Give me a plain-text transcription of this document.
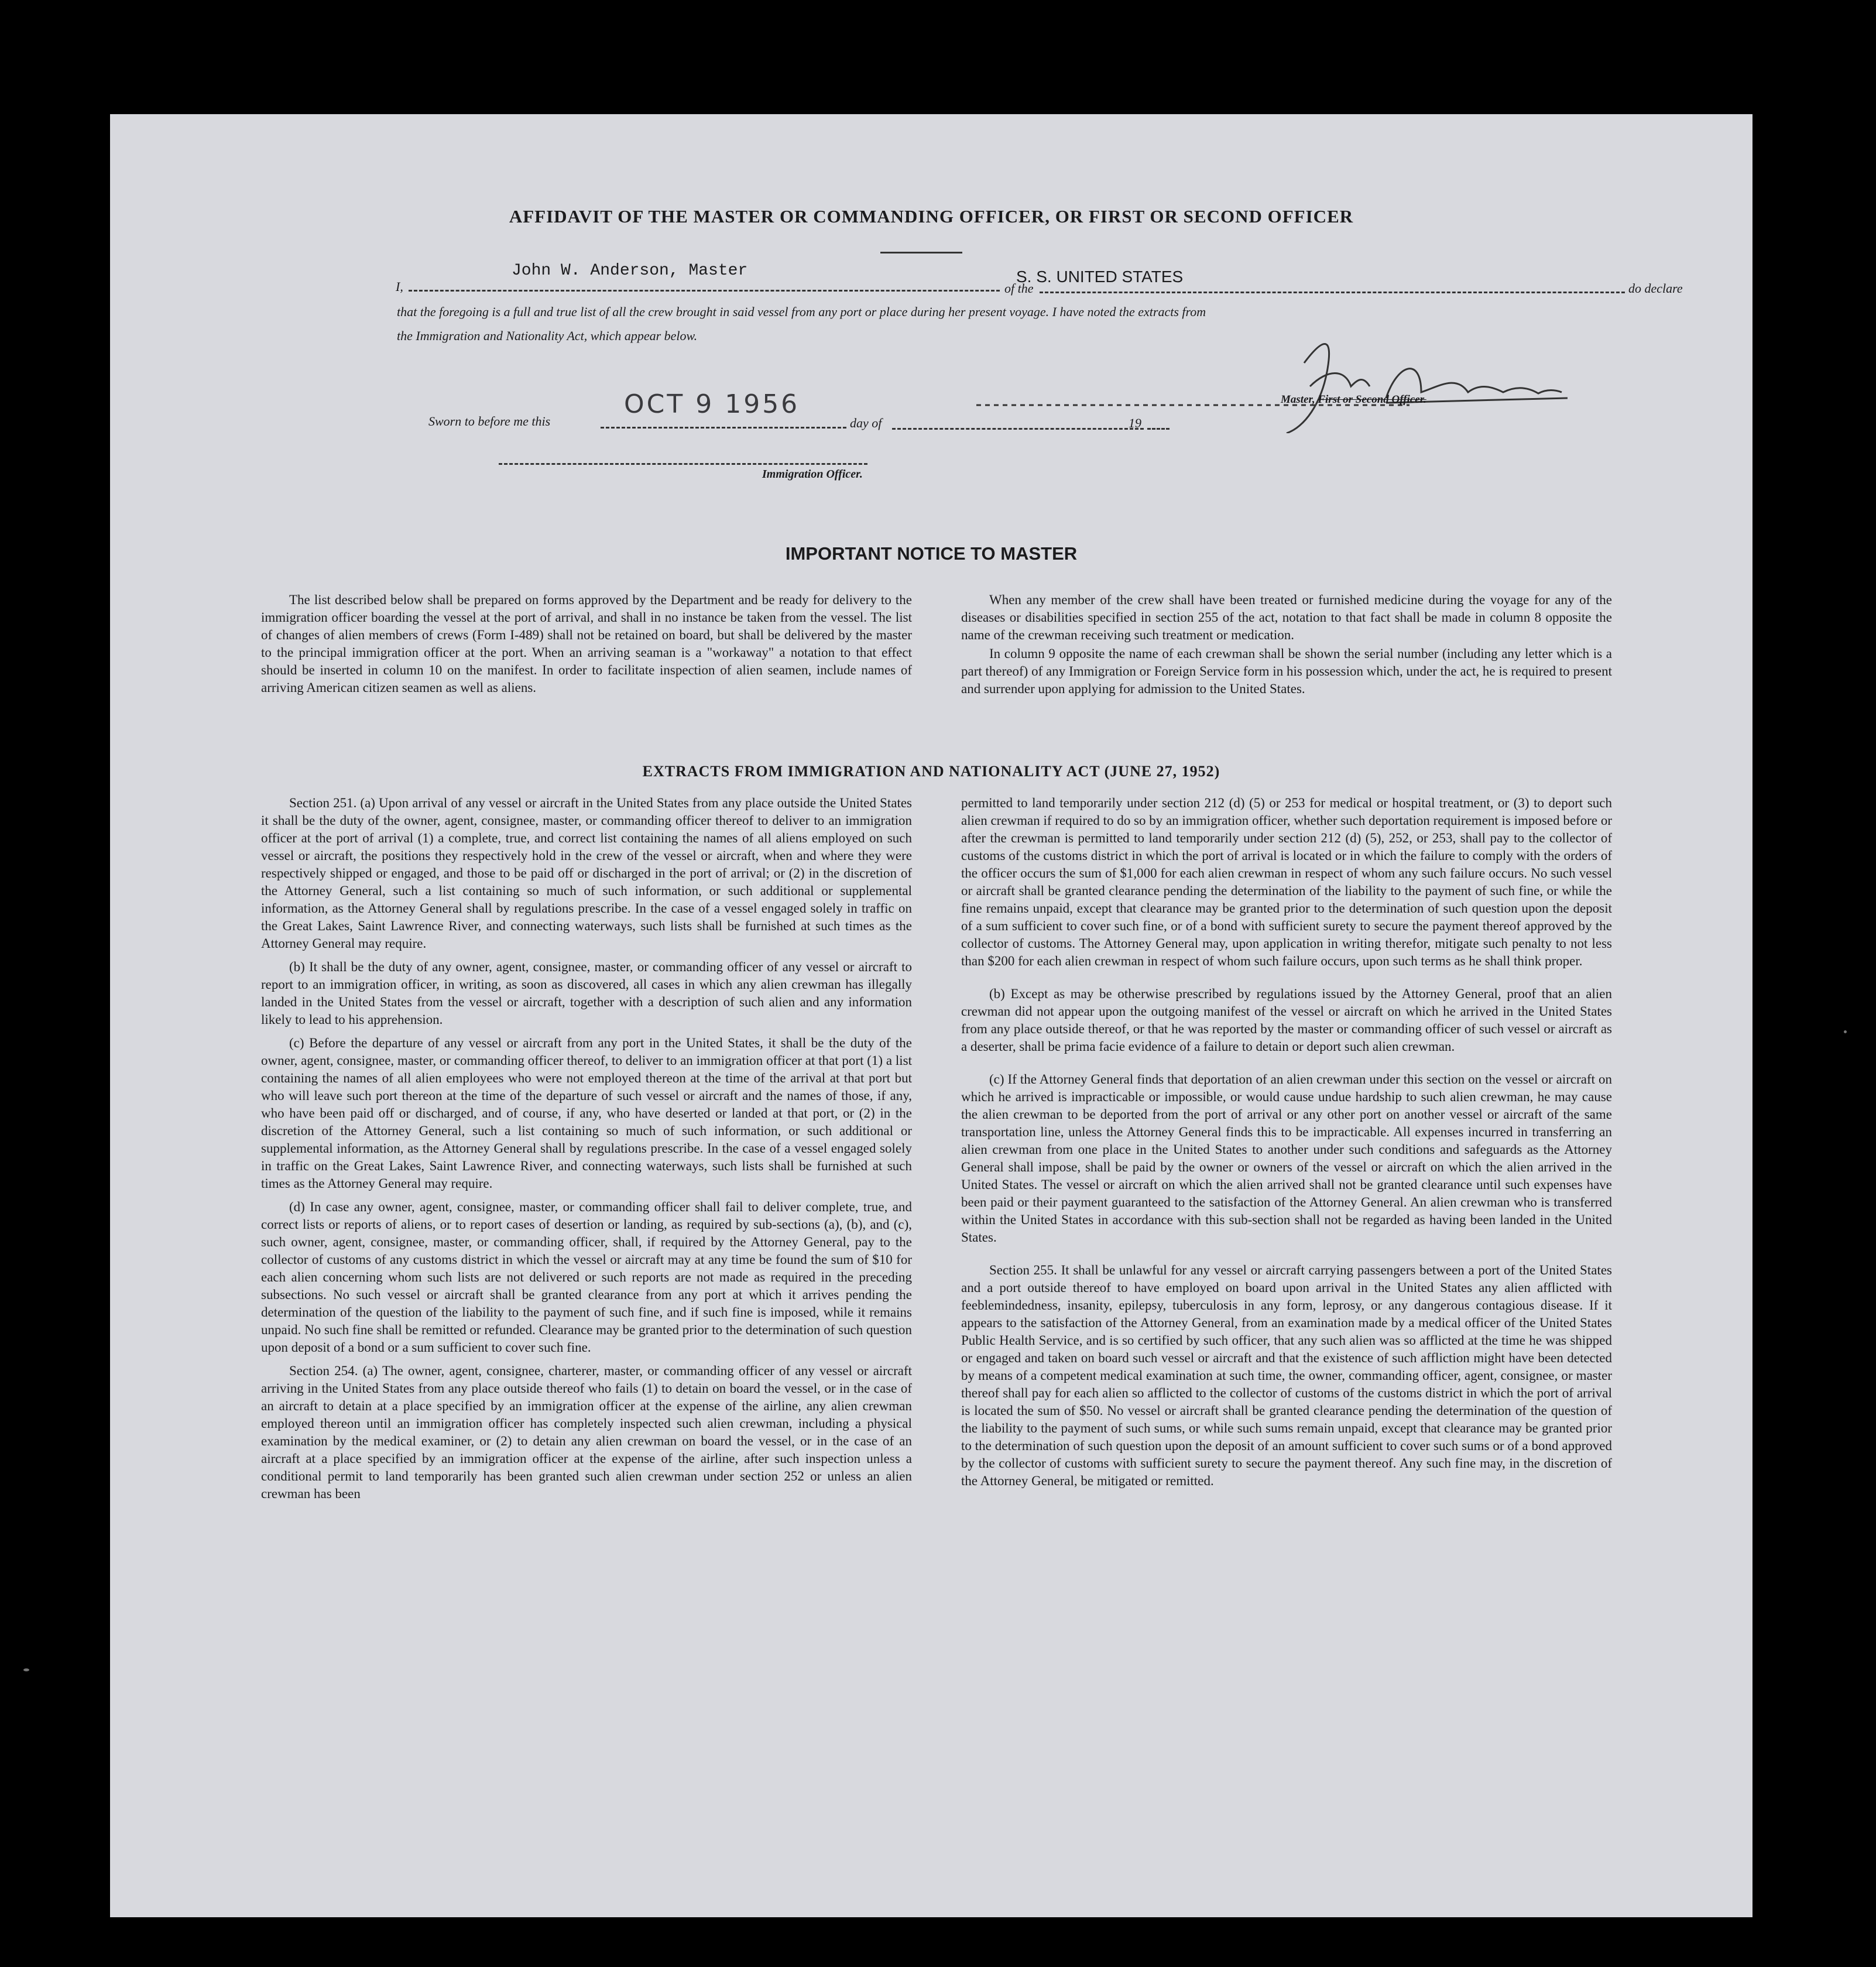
AFFIDAVIT OF THE MASTER OR COMMANDING OFFICER, OR FIRST OR SECOND OFFICER
I,
John W. Anderson, Master
of the
S. S. UNITED STATES
do declare
that the foregoing is a full and true list of all the crew brought in said vessel from any port or place during her present voyage. I have noted the extracts from
the Immigration and Nationality Act, which appear below.
Master, First or Second Officer.
Sworn to before me this
OCT 9 1956
day of	19
Immigration Officer.
IMPORTANT NOTICE TO MASTER

The list described below shall be prepared on forms approved by the Department and be ready for delivery to the immigration officer boarding the vessel at the port of arrival, and shall in no instance be taken from the vessel. The list of changes of alien members of crews (Form I-489) shall not be retained on board, but shall be delivered by the master to the principal immigration officer at the port. When an arriving seaman is a "workaway" a notation to that effect should be inserted in column 10 on the manifest. In order to facilitate inspection of alien seamen, include names of arriving American citizen seamen as well as aliens.

When any member of the crew shall have been treated or furnished medicine during the voyage for any of the diseases or disabilities specified in section 255 of the act, notation to that fact shall be made in column 8 opposite the name of the crewman receiving such treatment or medication.

In column 9 opposite the name of each crewman shall be shown the serial number (including any letter which is a part thereof) of any Immigration or Foreign Service form in his possession which, under the act, he is required to present and surrender upon applying for admission to the United States.

EXTRACTS FROM IMMIGRATION AND NATIONALITY ACT (JUNE 27, 1952)

Section 251. (a) Upon arrival of any vessel or aircraft in the United States from any place outside the United States it shall be the duty of the owner, agent, consignee, master, or commanding officer thereof to deliver to an immigration officer at the port of arrival (1) a complete, true, and correct list containing the names of all aliens employed on such vessel or aircraft, the positions they respectively hold in the crew of the vessel or aircraft, when and where they were respectively shipped or engaged, and those to be paid off or discharged in the port of arrival; or (2) in the discretion of the Attorney General, such a list containing so much of such information, or such additional or supplemental information, as the Attorney General shall by regulations prescribe. In the case of a vessel engaged solely in traffic on the Great Lakes, Saint Lawrence River, and connecting waterways, such lists shall be furnished at such times as the Attorney General may require.

(b) It shall be the duty of any owner, agent, consignee, master, or commanding officer of any vessel or aircraft to report to an immigration officer, in writing, as soon as discovered, all cases in which any alien crewman has illegally landed in the United States from the vessel or aircraft, together with a description of such alien and any information likely to lead to his apprehension.

(c) Before the departure of any vessel or aircraft from any port in the United States, it shall be the duty of the owner, agent, consignee, master, or commanding officer thereof, to deliver to an immigration officer at that port (1) a list containing the names of all alien employees who were not employed thereon at the time of the arrival at that port but who will leave such port thereon at the time of the departure of such vessel or aircraft and the names of those, if any, who have been paid off or discharged, and of course, if any, who have deserted or landed at that port, or (2) in the discretion of the Attorney General, such a list containing so much of such information, or such additional or supplemental information, as the Attorney General shall by regulations prescribe. In the case of a vessel engaged solely in traffic on the Great Lakes, Saint Lawrence River, and connecting waterways, such lists shall be furnished at such times as the Attorney General may require.

(d) In case any owner, agent, consignee, master, or commanding officer shall fail to deliver complete, true, and correct lists or reports of aliens, or to report cases of desertion or landing, as required by sub-sections (a), (b), and (c), such owner, agent, consignee, master, or commanding officer, shall, if required by the Attorney General, pay to the collector of customs of any customs district in which the vessel or aircraft may at any time be found the sum of $10 for each alien concerning whom such lists are not delivered or such reports are not made as required in the preceding subsections. No such vessel or aircraft shall be granted clearance from any port at which it arrives pending the determination of the question of the liability to the payment of such fine, and if such fine is imposed, while it remains unpaid. No such fine shall be remitted or refunded. Clearance may be granted prior to the determination of such question upon deposit of a bond or a sum sufficient to cover such fine.

Section 254. (a) The owner, agent, consignee, charterer, master, or commanding officer of any vessel or aircraft arriving in the United States from any place outside thereof who fails (1) to detain on board the vessel, or in the case of an aircraft to detain at a place specified by an immigration officer at the expense of the airline, any alien crewman employed thereon until an immigration officer has completely inspected such alien crewman, including a physical examination by the medical examiner, or (2) to detain any alien crewman on board the vessel, or in the case of an aircraft at a place specified by an immigration officer at the expense of the airline, after such inspection unless a conditional permit to land temporarily has been granted such alien crewman under section 252 or unless an alien crewman has been

permitted to land temporarily under section 212 (d) (5) or 253 for medical or hospital treatment, or (3) to deport such alien crewman if required to do so by an immigration officer, whether such deportation requirement is imposed before or after the crewman is permitted to land temporarily under section 212 (d) (5), 252, or 253, shall pay to the collector of customs of the customs district in which the port of arrival is located or in which the failure to comply with the orders of the officer occurs the sum of $1,000 for each alien crewman in respect of whom any such failure occurs. No such vessel or aircraft shall be granted clearance pending the determination of the liability to the payment of such fine, or while the fine remains unpaid, except that clearance may be granted prior to the determination of such question upon the deposit of a sum sufficient to cover such fine, or of a bond with sufficient surety to secure the payment thereof approved by the collector of customs. The Attorney General may, upon application in writing therefor, mitigate such penalty to not less than $200 for each alien crewman in respect of whom such failure occurs, upon such terms as he shall think proper.

(b) Except as may be otherwise prescribed by regulations issued by the Attorney General, proof that an alien crewman did not appear upon the outgoing manifest of the vessel or aircraft on which he arrived in the United States from any place outside thereof, or that he was reported by the master or commanding officer of such vessel or aircraft as a deserter, shall be prima facie evidence of a failure to detain or deport such alien crewman.

(c) If the Attorney General finds that deportation of an alien crewman under this section on the vessel or aircraft on which he arrived is impracticable or impossible, or would cause undue hardship to such alien crewman, he may cause the alien crewman to be deported from the port of arrival or any other port on another vessel or aircraft of the same transportation line, unless the Attorney General finds this to be impracticable. All expenses incurred in transferring an alien crewman from one place in the United States to another under such conditions and safeguards as the Attorney General shall impose, shall be paid by the owner or owners of the vessel or aircraft on which the alien arrived in the United States. The vessel or aircraft on which the alien arrived shall not be granted clearance until such expenses have been paid or their payment guaranteed to the satisfaction of the Attorney General. An alien crewman who is transferred within the United States in accordance with this sub-section shall not be regarded as having been landed in the United States.

Section 255. It shall be unlawful for any vessel or aircraft carrying passengers between a port of the United States and a port outside thereof to have employed on board upon arrival in the United States any alien afflicted with feeblemindedness, insanity, epilepsy, tuberculosis in any form, leprosy, or any dangerous contagious disease. If it appears to the satisfaction of the Attorney General, from an examination made by a medical officer of the United States Public Health Service, and is so certified by such officer, that any such alien was so afflicted at the time he was shipped or engaged and taken on board such vessel or aircraft and that the existence of such affliction might have been detected by means of a competent medical examination at such time, the owner, commanding officer, agent, consignee, or master thereof shall pay for each alien so afflicted to the collector of customs of the customs district in which the port of arrival is located the sum of $50. No vessel or aircraft shall be granted clearance pending the determination of the question of the liability to the payment of such sums, or while such sums remain unpaid, except that clearance may be granted prior to the determination of such question upon the deposit of an amount sufficient to cover such sums or of a bond approved by the collector of customs with sufficient surety to secure the payment thereof. Any such fine may, in the discretion of the Attorney General, be mitigated or remitted.
